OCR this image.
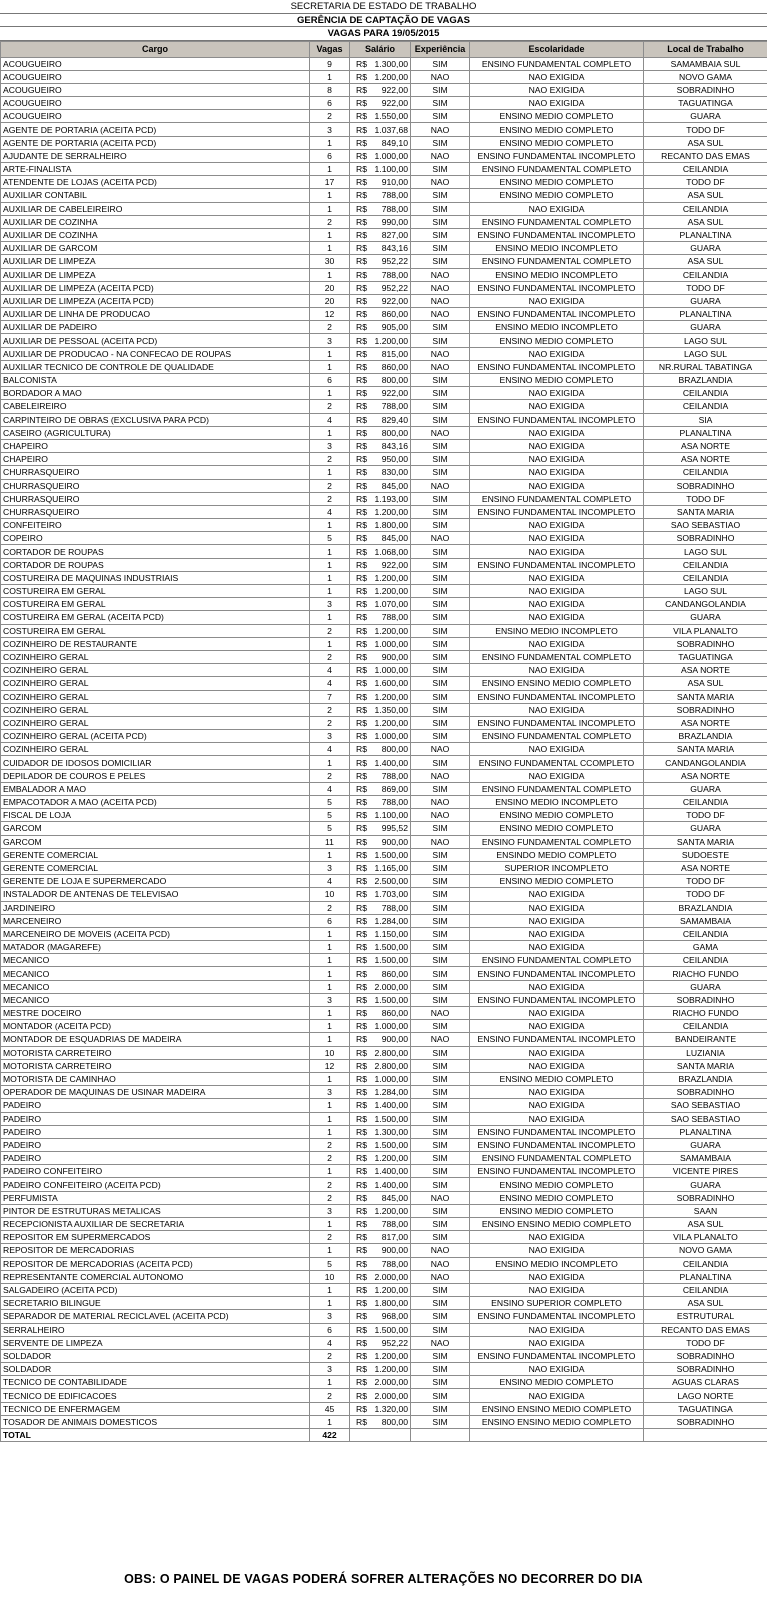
SECRETARIA DE ESTADO DE TRABALHO
GERÊNCIA DE CAPTAÇÃO DE VAGAS
VAGAS PARA 19/05/2015
Cargo	Vagas	Salário	Experiência	Escolaridade	Local de Trabalho
ACOUGUEIRO	9	R$ 1.300,00	SIM	ENSINO FUNDAMENTAL COMPLETO	SAMAMBAIA SUL
ACOUGUEIRO	1	R$ 1.200,00	NAO	NAO EXIGIDA	NOVO GAMA
ACOUGUEIRO	8	R$ 922,00	SIM	NAO EXIGIDA	SOBRADINHO
ACOUGUEIRO	6	R$ 922,00	SIM	NAO EXIGIDA	TAGUATINGA
ACOUGUEIRO	2	R$ 1.550,00	SIM	ENSINO MEDIO COMPLETO	GUARA
AGENTE DE PORTARIA (ACEITA PCD)	3	R$ 1.037,68	NAO	ENSINO MEDIO COMPLETO	TODO DF
AGENTE DE PORTARIA (ACEITA PCD)	1	R$ 849,10	SIM	ENSINO MEDIO COMPLETO	ASA SUL
AJUDANTE DE SERRALHEIRO	6	R$ 1.000,00	NAO	ENSINO FUNDAMENTAL INCOMPLETO	RECANTO DAS EMAS
ARTE-FINALISTA	1	R$ 1.100,00	SIM	ENSINO FUNDAMENTAL COMPLETO	CEILANDIA
ATENDENTE DE LOJAS (ACEITA PCD)	17	R$ 910,00	NAO	ENSINO MEDIO COMPLETO	TODO DF
AUXILIAR CONTABIL	1	R$ 788,00	SIM	ENSINO MEDIO COMPLETO	ASA SUL
AUXILIAR DE CABELEIREIRO	1	R$ 788,00	SIM	NAO EXIGIDA	CEILANDIA
AUXILIAR DE COZINHA	2	R$ 990,00	SIM	ENSINO FUNDAMENTAL COMPLETO	ASA SUL
AUXILIAR DE COZINHA	1	R$ 827,00	SIM	ENSINO FUNDAMENTAL INCOMPLETO	PLANALTINA
AUXILIAR DE GARCOM	1	R$ 843,16	SIM	ENSINO MEDIO INCOMPLETO	GUARA
AUXILIAR DE LIMPEZA	30	R$ 952,22	SIM	ENSINO FUNDAMENTAL COMPLETO	ASA SUL
AUXILIAR DE LIMPEZA	1	R$ 788,00	NAO	ENSINO MEDIO INCOMPLETO	CEILANDIA
AUXILIAR DE LIMPEZA (ACEITA PCD)	20	R$ 952,22	NAO	ENSINO FUNDAMENTAL INCOMPLETO	TODO DF
AUXILIAR DE LIMPEZA (ACEITA PCD)	20	R$ 922,00	NAO	NAO EXIGIDA	GUARA
AUXILIAR DE LINHA DE PRODUCAO	12	R$ 860,00	NAO	ENSINO FUNDAMENTAL INCOMPLETO	PLANALTINA
AUXILIAR DE PADEIRO	2	R$ 905,00	SIM	ENSINO MEDIO INCOMPLETO	GUARA
AUXILIAR DE PESSOAL (ACEITA PCD)	3	R$ 1.200,00	SIM	ENSINO MEDIO COMPLETO	LAGO SUL
AUXILIAR DE PRODUCAO - NA CONFECAO DE ROUPAS	1	R$ 815,00	NAO	NAO EXIGIDA	LAGO SUL
AUXILIAR TECNICO DE CONTROLE DE QUALIDADE	1	R$ 860,00	NAO	ENSINO FUNDAMENTAL INCOMPLETO	NR.RURAL TABATINGA
BALCONISTA	6	R$ 800,00	SIM	ENSINO MEDIO COMPLETO	BRAZLANDIA
BORDADOR A MAO	1	R$ 922,00	SIM	NAO EXIGIDA	CEILANDIA
CABELEIREIRO	2	R$ 788,00	SIM	NAO EXIGIDA	CEILANDIA
CARPINTEIRO DE OBRAS (EXCLUSIVA PARA PCD)	4	R$ 829,40	SIM	ENSINO FUNDAMENTAL INCOMPLETO	SIA
CASEIRO (AGRICULTURA)	1	R$ 800,00	NAO	NAO EXIGIDA	PLANALTINA
CHAPEIRO	3	R$ 843,16	SIM	NAO EXIGIDA	ASA NORTE
CHAPEIRO	2	R$ 950,00	SIM	NAO EXIGIDA	ASA NORTE
CHURRASQUEIRO	1	R$ 830,00	SIM	NAO EXIGIDA	CEILANDIA
CHURRASQUEIRO	2	R$ 845,00	NAO	NAO EXIGIDA	SOBRADINHO
CHURRASQUEIRO	2	R$ 1.193,00	SIM	ENSINO FUNDAMENTAL COMPLETO	TODO DF
CHURRASQUEIRO	4	R$ 1.200,00	SIM	ENSINO FUNDAMENTAL INCOMPLETO	SANTA MARIA
CONFEITEIRO	1	R$ 1.800,00	SIM	NAO EXIGIDA	SAO SEBASTIAO
COPEIRO	5	R$ 845,00	NAO	NAO EXIGIDA	SOBRADINHO
CORTADOR DE ROUPAS	1	R$ 1.068,00	SIM	NAO EXIGIDA	LAGO SUL
CORTADOR DE ROUPAS	1	R$ 922,00	SIM	ENSINO FUNDAMENTAL INCOMPLETO	CEILANDIA
COSTUREIRA DE MAQUINAS INDUSTRIAIS	1	R$ 1.200,00	SIM	NAO EXIGIDA	CEILANDIA
COSTUREIRA EM GERAL	1	R$ 1.200,00	SIM	NAO EXIGIDA	LAGO SUL
COSTUREIRA EM GERAL	3	R$ 1.070,00	SIM	NAO EXIGIDA	CANDANGOLANDIA
COSTUREIRA EM GERAL (ACEITA PCD)	1	R$ 788,00	SIM	NAO EXIGIDA	GUARA
COSTUREIRA EM GERAL	2	R$ 1.200,00	SIM	ENSINO MEDIO INCOMPLETO	VILA PLANALTO
COZINHEIRO DE RESTAURANTE	1	R$ 1.000,00	SIM	NAO EXIGIDA	SOBRADINHO
COZINHEIRO GERAL	2	R$ 900,00	SIM	ENSINO FUNDAMENTAL COMPLETO	TAGUATINGA
COZINHEIRO GERAL	4	R$ 1.000,00	SIM	NAO EXIGIDA	ASA NORTE
COZINHEIRO GERAL	4	R$ 1.600,00	SIM	ENSINO ENSINO MEDIO COMPLETO	ASA SUL
COZINHEIRO GERAL	7	R$ 1.200,00	SIM	ENSINO FUNDAMENTAL INCOMPLETO	SANTA MARIA
COZINHEIRO GERAL	2	R$ 1.350,00	SIM	NAO EXIGIDA	SOBRADINHO
COZINHEIRO GERAL	2	R$ 1.200,00	SIM	ENSINO FUNDAMENTAL INCOMPLETO	ASA NORTE
COZINHEIRO GERAL (ACEITA PCD)	3	R$ 1.000,00	SIM	ENSINO FUNDAMENTAL COMPLETO	BRAZLANDIA
COZINHEIRO GERAL	4	R$ 800,00	NAO	NAO EXIGIDA	SANTA MARIA
CUIDADOR DE IDOSOS DOMICILIAR	1	R$ 1.400,00	SIM	ENSINO FUNDAMENTAL CCOMPLETO	CANDANGOLANDIA
DEPILADOR DE COUROS E PELES	2	R$ 788,00	NAO	NAO EXIGIDA	ASA NORTE
EMBALADOR A MAO	4	R$ 869,00	SIM	ENSINO FUNDAMENTAL COMPLETO	GUARA
EMPACOTADOR A MAO (ACEITA PCD)	5	R$ 788,00	NAO	ENSINO MEDIO INCOMPLETO	CEILANDIA
FISCAL DE LOJA	5	R$ 1.100,00	NAO	ENSINO MEDIO COMPLETO	TODO DF
GARCOM	5	R$ 995,52	SIM	ENSINO MEDIO COMPLETO	GUARA
GARCOM	11	R$ 900,00	NAO	ENSINO FUNDAMENTAL COMPLETO	SANTA MARIA
GERENTE COMERCIAL	1	R$ 1.500,00	SIM	ENSINDO MEDIO COMPLETO	SUDOESTE
GERENTE COMERCIAL	3	R$ 1.165,00	SIM	SUPERIOR INCOMPLETO	ASA NORTE
GERENTE DE LOJA E SUPERMERCADO	4	R$ 2.500,00	SIM	ENSINO MEDIO COMPLETO	TODO DF
INSTALADOR DE ANTENAS DE TELEVISAO	10	R$ 1.703,00	SIM	NAO EXIGIDA	TODO DF
JARDINEIRO	2	R$ 788,00	SIM	NAO EXIGIDA	BRAZLANDIA
MARCENEIRO	6	R$ 1.284,00	SIM	NAO EXIGIDA	SAMAMBAIA
MARCENEIRO DE MOVEIS (ACEITA PCD)	1	R$ 1.150,00	SIM	NAO EXIGIDA	CEILANDIA
MATADOR (MAGAREFE)	1	R$ 1.500,00	SIM	NAO EXIGIDA	GAMA
MECANICO	1	R$ 1.500,00	SIM	ENSINO FUNDAMENTAL COMPLETO	CEILANDIA
MECANICO	1	R$ 860,00	SIM	ENSINO FUNDAMENTAL INCOMPLETO	RIACHO FUNDO
MECANICO	1	R$ 2.000,00	SIM	NAO EXIGIDA	GUARA
MECANICO	3	R$ 1.500,00	SIM	ENSINO FUNDAMENTAL INCOMPLETO	SOBRADINHO
MESTRE DOCEIRO	1	R$ 860,00	NAO	NAO EXIGIDA	RIACHO FUNDO
MONTADOR (ACEITA PCD)	1	R$ 1.000,00	SIM	NAO EXIGIDA	CEILANDIA
MONTADOR DE ESQUADRIAS DE MADEIRA	1	R$ 900,00	NAO	ENSINO FUNDAMENTAL INCOMPLETO	BANDEIRANTE
MOTORISTA CARRETEIRO	10	R$ 2.800,00	SIM	NAO EXIGIDA	LUZIANIA
MOTORISTA CARRETEIRO	12	R$ 2.800,00	SIM	NAO EXIGIDA	SANTA MARIA
MOTORISTA DE CAMINHAO	1	R$ 1.000,00	SIM	ENSINO MEDIO COMPLETO	BRAZLANDIA
OPERADOR DE MAQUINAS DE USINAR MADEIRA	3	R$ 1.284,00	SIM	NAO EXIGIDA	SOBRADINHO
PADEIRO	1	R$ 1.400,00	SIM	NAO EXIGIDA	SAO SEBASTIAO
PADEIRO	1	R$ 1.500,00	SIM	NAO EXIGIDA	SAO SEBASTIAO
PADEIRO	1	R$ 1.300,00	SIM	ENSINO FUNDAMENTAL INCOMPLETO	PLANALTINA
PADEIRO	2	R$ 1.500,00	SIM	ENSINO FUNDAMENTAL INCOMPLETO	GUARA
PADEIRO	2	R$ 1.200,00	SIM	ENSINO FUNDAMENTAL COMPLETO	SAMAMBAIA
PADEIRO CONFEITEIRO	1	R$ 1.400,00	SIM	ENSINO FUNDAMENTAL INCOMPLETO	VICENTE PIRES
PADEIRO CONFEITEIRO (ACEITA PCD)	2	R$ 1.400,00	SIM	ENSINO MEDIO COMPLETO	GUARA
PERFUMISTA	2	R$ 845,00	NAO	ENSINO MEDIO COMPLETO	SOBRADINHO
PINTOR DE ESTRUTURAS METALICAS	3	R$ 1.200,00	SIM	ENSINO MEDIO COMPLETO	SAAN
RECEPCIONISTA AUXILIAR DE SECRETARIA	1	R$ 788,00	SIM	ENSINO ENSINO MEDIO COMPLETO	ASA SUL
REPOSITOR EM SUPERMERCADOS	2	R$ 817,00	SIM	NAO EXIGIDA	VILA PLANALTO
REPOSITOR DE MERCADORIAS	1	R$ 900,00	NAO	NAO EXIGIDA	NOVO GAMA
REPOSITOR DE MERCADORIAS (ACEITA PCD)	5	R$ 788,00	NAO	ENSINO MEDIO INCOMPLETO	CEILANDIA
REPRESENTANTE COMERCIAL AUTONOMO	10	R$ 2.000,00	NAO	NAO EXIGIDA	PLANALTINA
SALGADEIRO (ACEITA PCD)	1	R$ 1.200,00	SIM	NAO EXIGIDA	CEILANDIA
SECRETARIO BILINGUE	1	R$ 1.800,00	SIM	ENSINO SUPERIOR COMPLETO	ASA SUL
SEPARADOR DE MATERIAL RECICLAVEL (ACEITA PCD)	3	R$ 968,00	SIM	ENSINO FUNDAMENTAL INCOMPLETO	ESTRUTURAL
SERRALHEIRO	6	R$ 1.500,00	SIM	NAO EXIGIDA	RECANTO DAS EMAS
SERVENTE DE LIMPEZA	4	R$ 952,22	NAO	NAO EXIGIDA	TODO DF
SOLDADOR	2	R$ 1.200,00	SIM	ENSINO FUNDAMENTAL INCOMPLETO	SOBRADINHO
SOLDADOR	3	R$ 1.200,00	SIM	NAO EXIGIDA	SOBRADINHO
TECNICO DE CONTABILIDADE	1	R$ 2.000,00	SIM	ENSINO MEDIO COMPLETO	AGUAS CLARAS
TECNICO DE EDIFICACOES	2	R$ 2.000,00	SIM	NAO EXIGIDA	LAGO NORTE
TECNICO DE ENFERMAGEM	45	R$ 1.320,00	SIM	ENSINO ENSINO MEDIO COMPLETO	TAGUATINGA
TOSADOR DE ANIMAIS DOMESTICOS	1	R$ 800,00	SIM	ENSINO ENSINO MEDIO COMPLETO	SOBRADINHO
TOTAL	422				
OBS: O PAINEL DE VAGAS PODERÁ SOFRER ALTERAÇÕES NO DECORRER DO DIA
